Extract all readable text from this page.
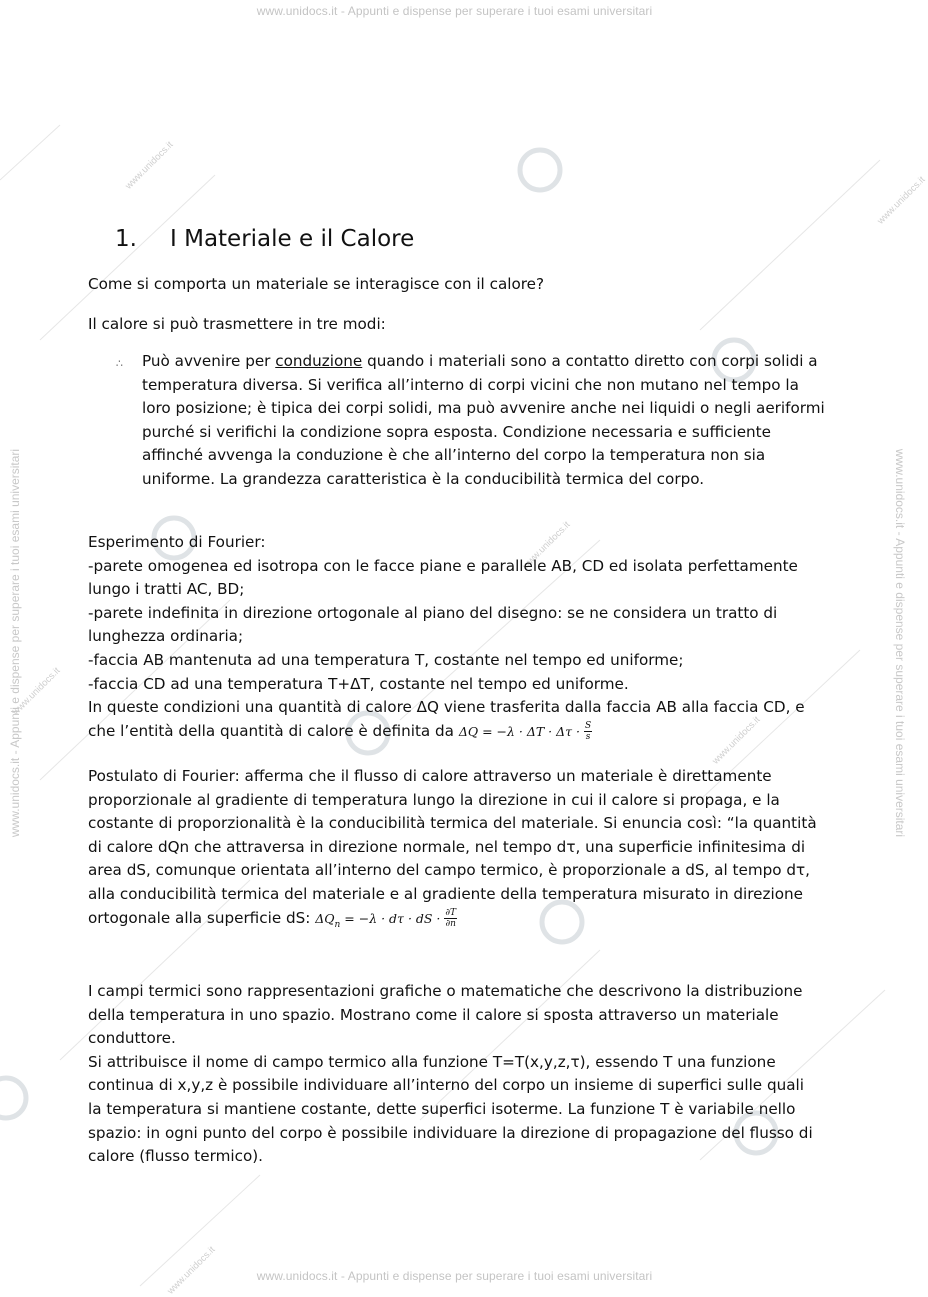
www.unidocs.it - Appunti e dispense per superare i tuoi esami universitari
www.unidocs.it - Appunti e dispense per superare i tuoi esami universitari
www.unidocs.it - Appunti e dispense per superare i tuoi esami universitari	www.unidocs.it - Appunti e dispense per superare i tuoi esami universitari
www.unidocs.it
www.unidocs.it
www.unidocs.it
www.unidocs.it
www.unidocs.it
www.unidocs.it
1. I Materiale e il Calore
Come si comporta un materiale se interagisce con il calore?
Il calore si può trasmettere in tre modi:
∴ Può avvenire per conduzione quando i materiali sono a contatto diretto con corpi solidi a temperatura diversa. Si verifica all’interno di corpi vicini che non mutano nel tempo la loro posizione; è tipica dei corpi solidi, ma può avvenire anche nei liquidi o negli aeriformi purché si verifichi la condizione sopra esposta. Condizione necessaria e sufficiente affinché avvenga la conduzione è che all’interno del corpo la temperatura non sia uniforme. La grandezza caratteristica è la conducibilità termica del corpo.
Esperimento di Fourier:
-parete omogenea ed isotropa con le facce piane e parallele AB, CD ed isolata perfettamente lungo i tratti AC, BD;
-parete indefinita in direzione ortogonale al piano del disegno: se ne considera un tratto di lunghezza ordinaria;
-faccia AB mantenuta ad una temperatura T, costante nel tempo ed uniforme;
-faccia CD ad una temperatura T+ΔT, costante nel tempo ed uniforme.
In queste condizioni una quantità di calore ΔQ viene trasferita dalla faccia AB alla faccia CD, e che l’entità della quantità di calore è definita da $\Delta Q = -\lambda \cdot \Delta T \cdot \Delta\tau \cdot \frac{S}{s}$
Postulato di Fourier: afferma che il flusso di calore attraverso un materiale è direttamente proporzionale al gradiente di temperatura lungo la direzione in cui il calore si propaga, e la costante di proporzionalità è la conducibilità termica del materiale. Si enuncia così: “la quantità di calore dQn che attraversa in direzione normale, nel tempo dτ, una superficie infinitesima di area dS, comunque orientata all’interno del campo termico, è proporzionale a dS, al tempo dτ, alla conducibilità termica del materiale e al gradiente della temperatura misurato in direzione ortogonale alla superficie dS: $\Delta Q_n = -\lambda \cdot d\tau$ · dS · $\frac{\partial T}{\partial n}$
I campi termici sono rappresentazioni grafiche o matematiche che descrivono la distribuzione della temperatura in uno spazio. Mostrano come il calore si sposta attraverso un materiale conduttore.
Si attribuisce il nome di campo termico alla funzione T=T(x,y,z,τ), essendo T una funzione continua di x,y,z è possibile individuare all’interno del corpo un insieme di superfici sulle quali la temperatura si mantiene costante, dette superfici isoterme. La funzione T è variabile nello spazio: in ogni punto del corpo è possibile individuare la direzione di propagazione del flusso di calore (flusso termico).
